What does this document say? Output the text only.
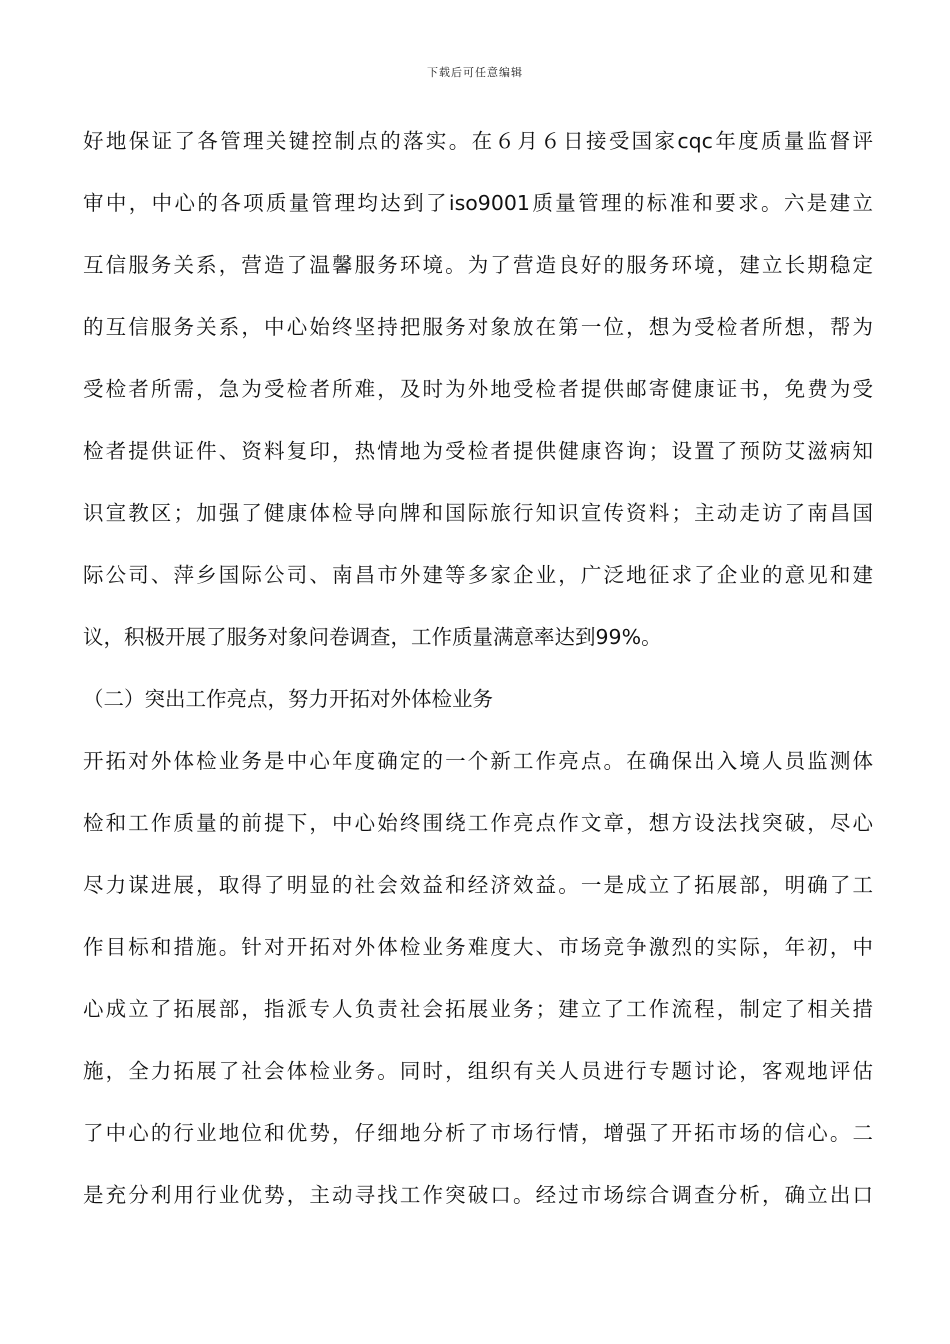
下载后可任意编辑
好地保证了各管理关键控制点的落实。在６月６日接受国家cqc年度质量监督评
审中，中心的各项质量管理均达到了iso9001质量管理的标准和要求。六是建立
互信服务关系，营造了温馨服务环境。为了营造良好的服务环境，建立长期稳定
的互信服务关系，中心始终坚持把服务对象放在第一位，想为受检者所想，帮为
受检者所需，急为受检者所难，及时为外地受检者提供邮寄健康证书，免费为受
检者提供证件、资料复印，热情地为受检者提供健康咨询；设置了预防艾滋病知
识宣教区；加强了健康体检导向牌和国际旅行知识宣传资料；主动走访了南昌国
际公司、萍乡国际公司、南昌市外建等多家企业，广泛地征求了企业的意见和建
议，积极开展了服务对象问卷调查，工作质量满意率达到99%。
（二）突出工作亮点，努力开拓对外体检业务
开拓对外体检业务是中心年度确定的一个新工作亮点。在确保出入境人员监测体
检和工作质量的前提下，中心始终围绕工作亮点作文章，想方设法找突破，尽心
尽力谋进展，取得了明显的社会效益和经济效益。一是成立了拓展部，明确了工
作目标和措施。针对开拓对外体检业务难度大、市场竞争激烈的实际，年初，中
心成立了拓展部，指派专人负责社会拓展业务；建立了工作流程，制定了相关措
施，全力拓展了社会体检业务。同时，组织有关人员进行专题讨论，客观地评估
了中心的行业地位和优势，仔细地分析了市场行情，增强了开拓市场的信心。二
是充分利用行业优势，主动寻找工作突破口。经过市场综合调查分析，确立出口
